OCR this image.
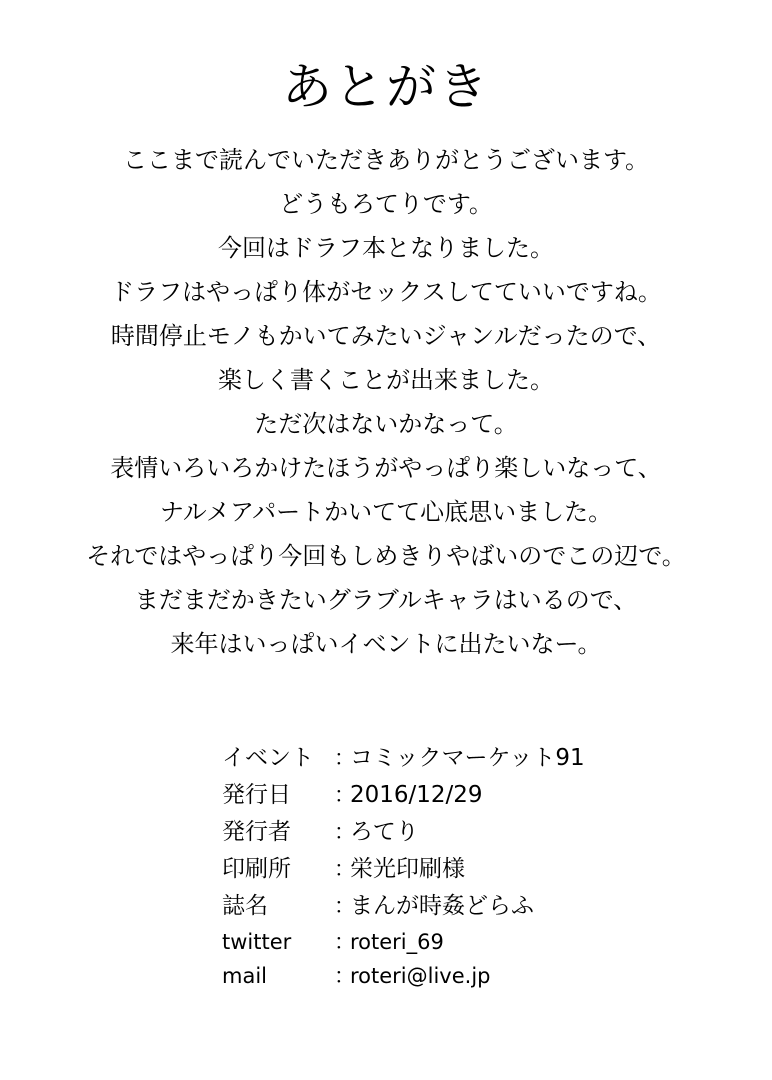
あとがき
ここまで読んでいただきありがとうございます。
どうもろてりです。
今回はドラフ本となりました。
ドラフはやっぱり体がセックスしてていいですね。
時間停止モノもかいてみたいジャンルだったので、
楽しく書くことが出来ました。
ただ次はないかなって。
表情いろいろかけたほうがやっぱり楽しいなって、
ナルメアパートかいてて心底思いました。
それではやっぱり今回もしめきりやばいのでこの辺で。
まだまだかきたいグラブルキャラはいるので、
来年はいっぱいイベントに出たいなー。
イベント ：
コミックマーケット91
発行日 ：
2016/12/29
発行者 ：
ろてり
印刷所 ：
栄光印刷様
誌名	：
まんが時姦どらふ
twitter ：
roteri_69
mail	：
roteri@live.jp
